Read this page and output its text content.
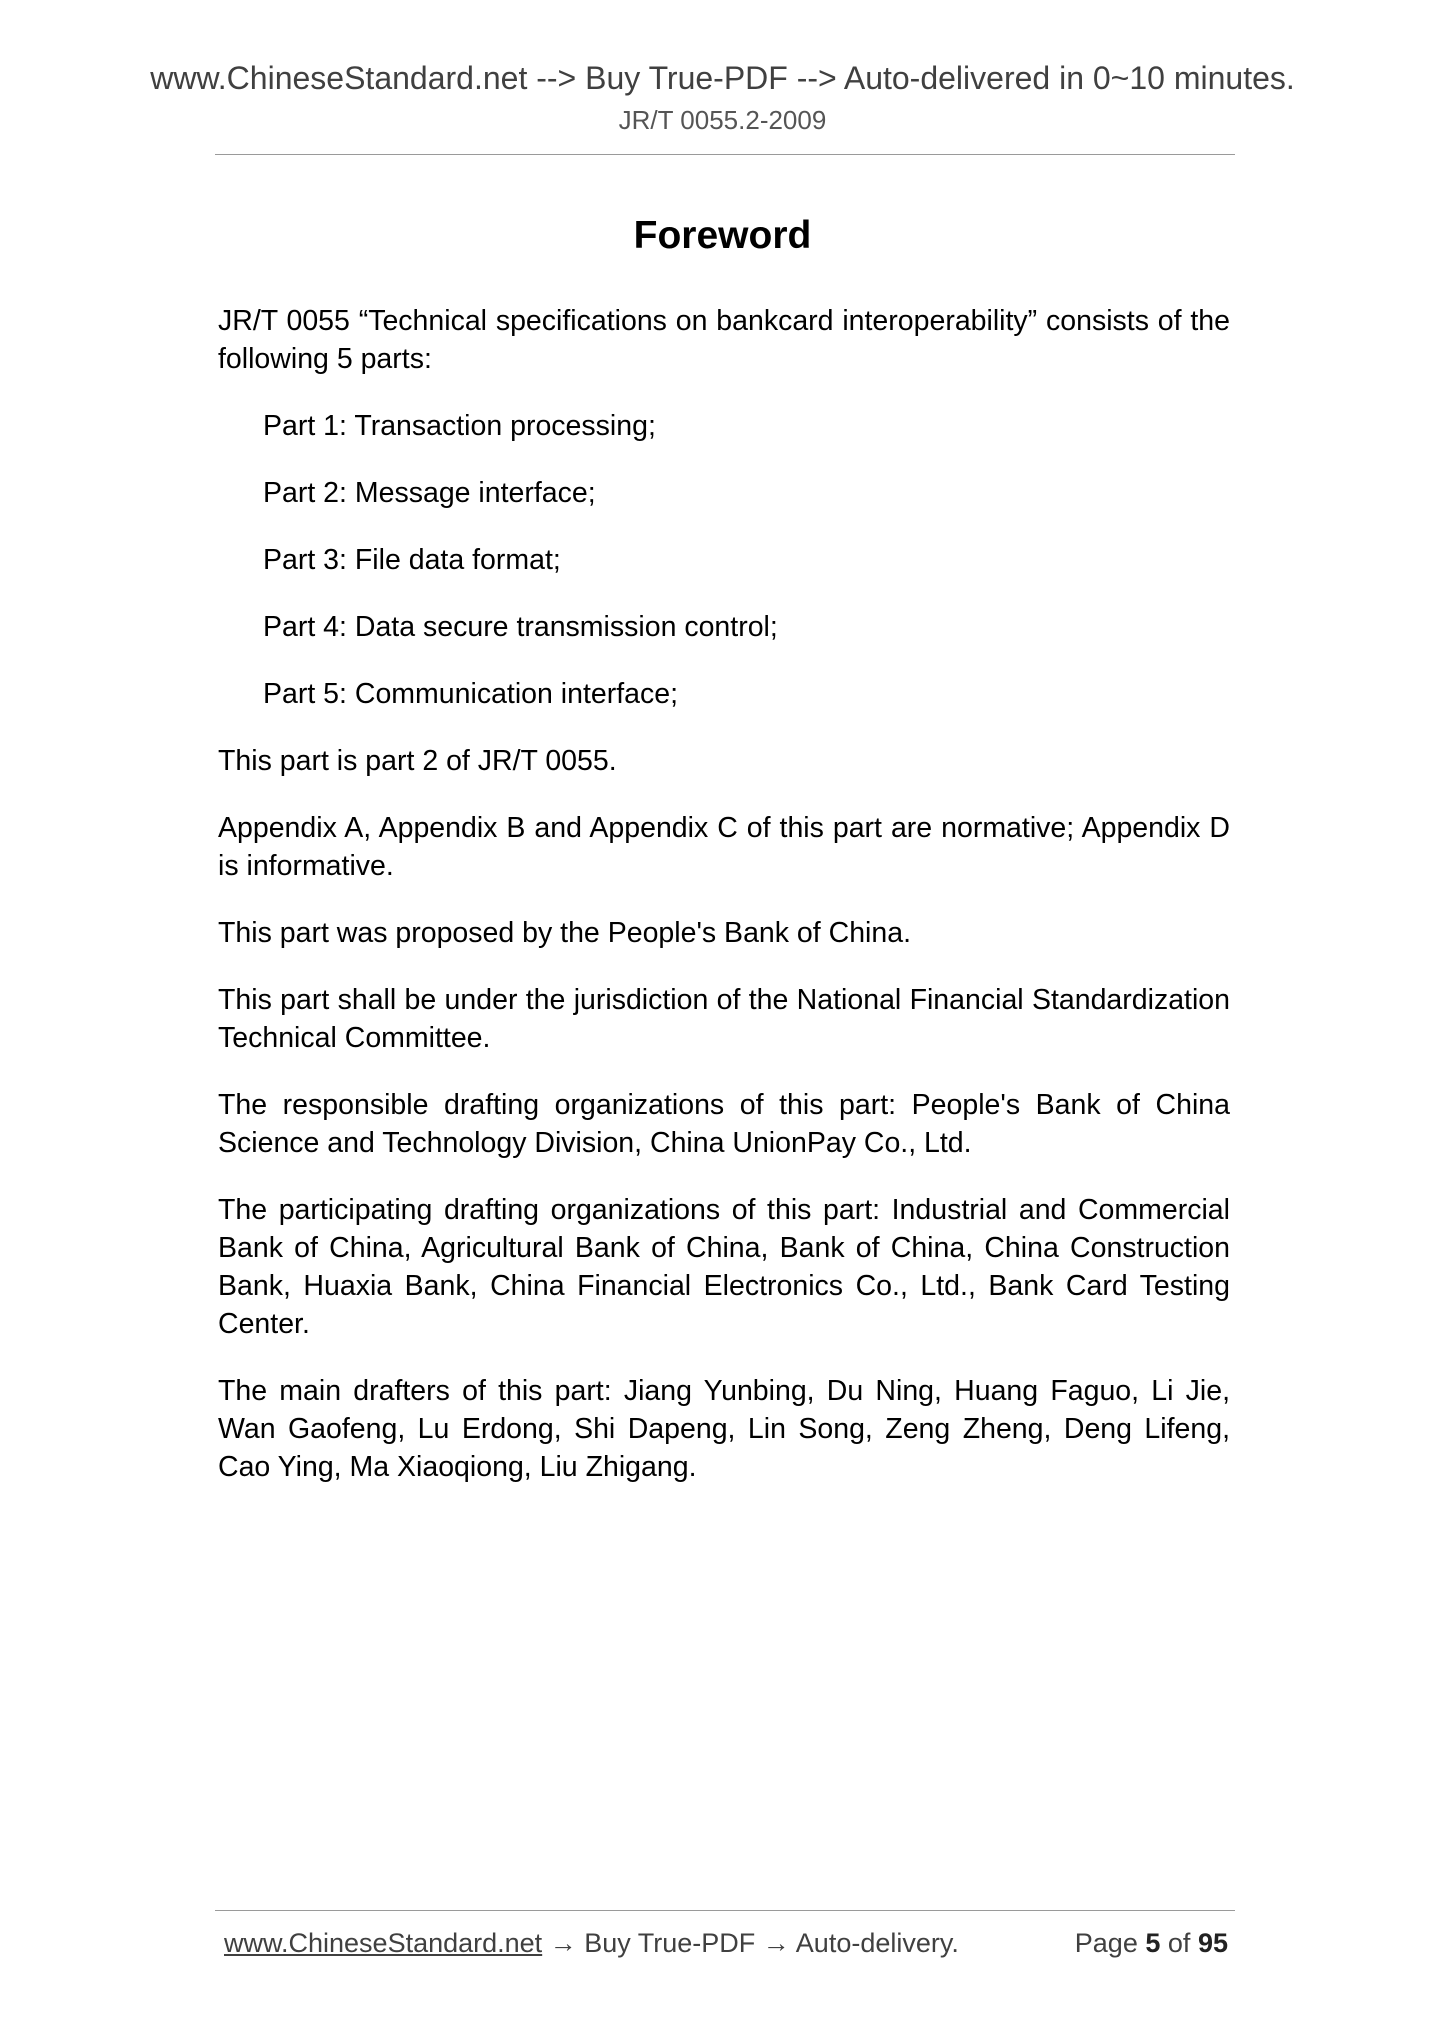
www.ChineseStandard.net --> Buy True-PDF --> Auto-delivered in 0~10 minutes.
JR/T 0055.2-2009
Foreword

JR/T 0055 “Technical specifications on bankcard interoperability” consists of the following 5 parts:

Part 1: Transaction processing;

Part 2: Message interface;

Part 3: File data format;

Part 4: Data secure transmission control;

Part 5: Communication interface;

This part is part 2 of JR/T 0055.

Appendix A, Appendix B and Appendix C of this part are normative; Appendix D is informative.

This part was proposed by the People's Bank of China.

This part shall be under the jurisdiction of the National Financial Standardization Technical Committee.

The responsible drafting organizations of this part: People's Bank of China Science and Technology Division, China UnionPay Co., Ltd.

The participating drafting organizations of this part: Industrial and Commercial Bank of China, Agricultural Bank of China, Bank of China, China Construction Bank, Huaxia Bank, China Financial Electronics Co., Ltd., Bank Card Testing Center.

The main drafters of this part: Jiang Yunbing, Du Ning, Huang Faguo, Li Jie, Wan Gaofeng, Lu Erdong, Shi Dapeng, Lin Song, Zeng Zheng, Deng Lifeng, Cao Ying, Ma Xiaoqiong, Liu Zhigang.

www.ChineseStandard.net → Buy True-PDF → Auto-delivery.	Page 5 of 95
